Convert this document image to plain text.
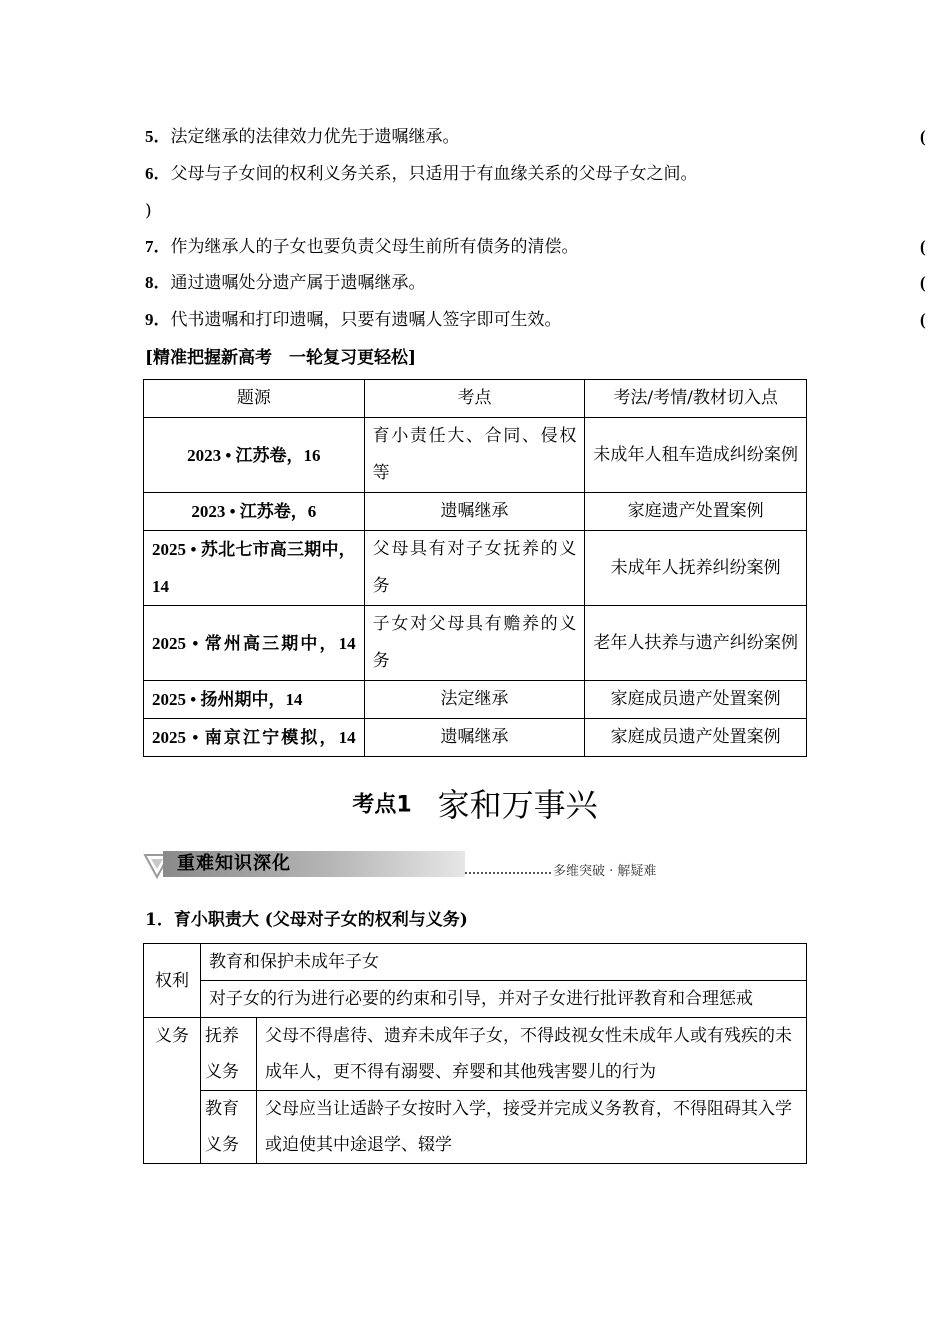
5．法定继承的法律效力优先于遗嘱继承。	(
6．父母与子女间的权利义务关系，只适用于有血缘关系的父母子女之间。
)
7．作为继承人的子女也要负责父母生前所有债务的清偿。	(
8．通过遗嘱处分遗产属于遗嘱继承。	(
9．代书遗嘱和打印遗嘱，只要有遗嘱人签字即可生效。	(
[精准把握新高考　一轮复习更轻松]
题源	考点	考法/考情/教材切入点
2023 • 江苏卷，16	育小责任大、合同、侵权等	未成年人租车造成纠纷案例
2023 • 江苏卷，6	遗嘱继承	家庭遗产处置案例
2025 • 苏北七市高三期中，14	父母具有对子女抚养的义务	未成年人抚养纠纷案例
2025 • 常州高三期中，14	子女对父母具有赡养的义务	老年人扶养与遗产纠纷案例
2025 • 扬州期中，14	法定继承	家庭成员遗产处置案例
2025 • 南京江宁模拟，14	遗嘱继承	家庭成员遗产处置案例
考点1 家和万事兴
重难知识深化	多维突破 · 解疑难
1．育小职责大 (父母对子女的权利与义务)
权利	教育和保护未成年子女	
	对子女的行为进行必要的约束和引导，并对子女进行批评教育和合理惩戒	
义务	抚养义务	父母不得虐待、遗弃未成年子女，不得歧视女性未成年人或有残疾的未成年人，更不得有溺婴、弃婴和其他残害婴儿的行为
	教育义务	父母应当让适龄子女按时入学，接受并完成义务教育，不得阻碍其入学或迫使其中途退学、辍学
